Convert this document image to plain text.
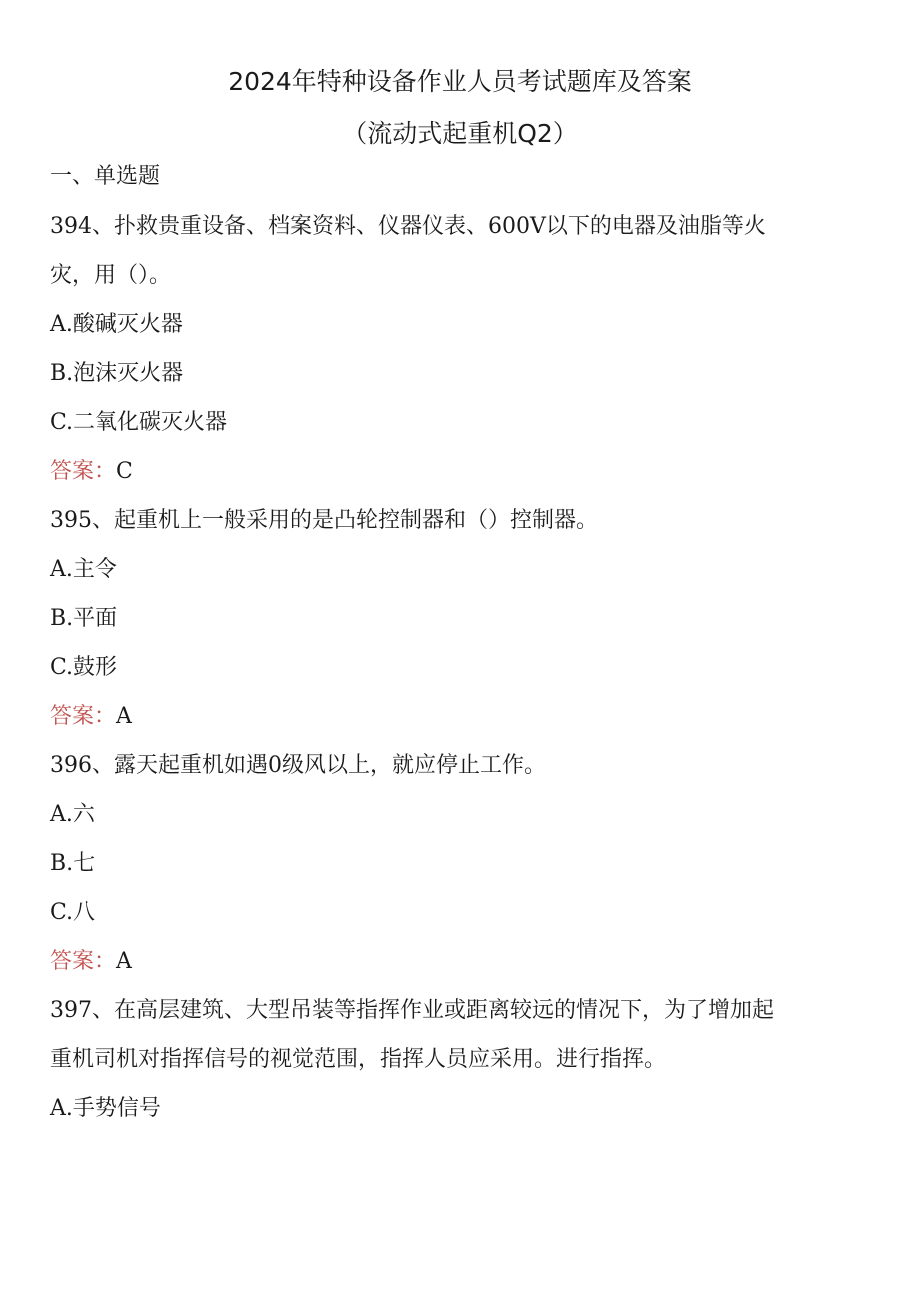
2024年特种设备作业人员考试题库及答案
（流动式起重机Q2）
一、单选题
394、扑救贵重设备、档案资料、仪器仪表、600V以下的电器及油脂等火
灾，用（）。
A.酸碱灭火器
B.泡沫灭火器
C.二氧化碳灭火器
答案：C
395、起重机上一般采用的是凸轮控制器和（）控制器。
A.主令
B.平面
C.鼓形
答案：A
396、露天起重机如遇0级风以上，就应停止工作。
A.六
B.七
C.八
答案：A
397、在高层建筑、大型吊装等指挥作业或距离较远的情况下，为了增加起
重机司机对指挥信号的视觉范围，指挥人员应采用。进行指挥。
A.手势信号
